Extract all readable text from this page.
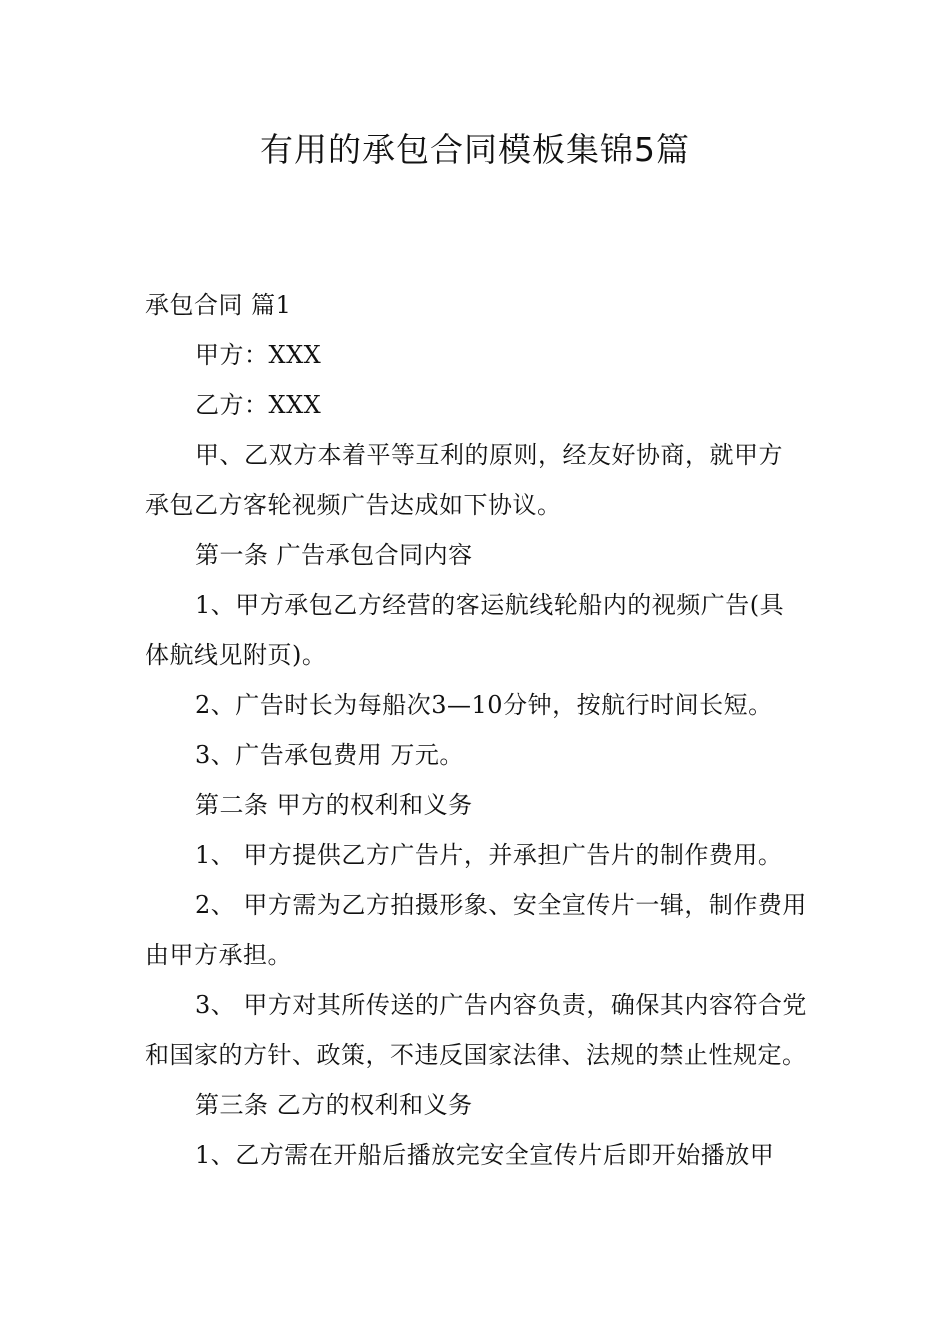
有用的承包合同模板集锦5篇

承包合同 篇1

甲方：XXX

乙方：XXX

甲、乙双方本着平等互利的原则，经友好协商，就甲方承包乙方客轮视频广告达成如下协议。

第一条 广告承包合同内容

1、甲方承包乙方经营的客运航线轮船内的视频广告(具体航线见附页)。

2、广告时长为每船次3—10分钟，按航行时间长短。

3、广告承包费用 万元。

第二条 甲方的权利和义务

1、 甲方提供乙方广告片，并承担广告片的制作费用。

2、 甲方需为乙方拍摄形象、安全宣传片一辑，制作费用由甲方承担。

3、 甲方对其所传送的广告内容负责，确保其内容符合党和国家的方针、政策，不违反国家法律、法规的禁止性规定。

第三条 乙方的权利和义务

1、乙方需在开船后播放完安全宣传片后即开始播放甲
